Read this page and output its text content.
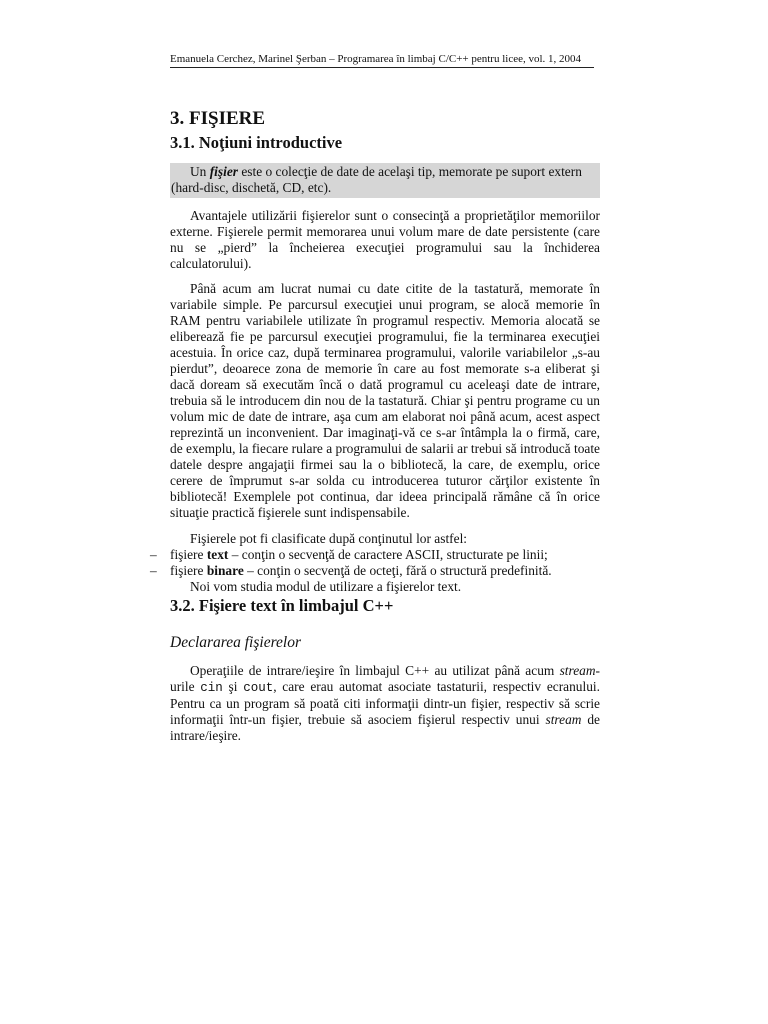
Emanuela Cerchez, Marinel Şerban – Programarea în limbaj C/C++ pentru licee, vol. 1, 2004
3. FIŞIERE
3.1. Noţiuni introductive

Un fişier este o colecţie de date de acelaşi tip, memorate pe suport extern (hard-disc, dischetă, CD, etc).

Avantajele utilizării fişierelor sunt o consecinţă a proprietăţilor memoriilor externe. Fişierele permit memorarea unui volum mare de date persistente (care nu se „pierd” la încheierea execuţiei programului sau la închiderea calculatorului).

Până acum am lucrat numai cu date citite de la tastatură, memorate în variabile simple. Pe parcursul execuţiei unui program, se alocă memorie în RAM pentru variabilele utilizate în programul respectiv. Memoria alocată se eliberează fie pe parcursul execuţiei programului, fie la terminarea execuţiei acestuia. În orice caz, după terminarea programului, valorile variabilelor „s-au pierdut”, deoarece zona de memorie în care au fost memorate s-a eliberat şi dacă doream să executăm încă o dată programul cu aceleaşi date de intrare, trebuia să le introducem din nou de la tastatură. Chiar şi pentru programe cu un volum mic de date de intrare, aşa cum am elaborat noi până acum, acest aspect reprezintă un inconvenient. Dar imaginaţi-vă ce s-ar întâmpla la o firmă, care, de exemplu, la fiecare rulare a programului de salarii ar trebui să introducă toate datele despre angajaţii firmei sau la o bibliotecă, la care, de exemplu, orice cerere de împrumut s-ar solda cu introducerea tuturor cărţilor existente în bibliotecă! Exemplele pot continua, dar ideea principală rămâne că în orice situaţie practică fişierele sunt indispensabile.

Fişierele pot fi clasificate după conţinutul lor astfel:

– fişiere text – conţin o secvenţă de caractere ASCII, structurate pe linii;
– fişiere binare – conţin o secvenţă de octeţi, fără o structură predefinită.

Noi vom studia modul de utilizare a fişierelor text.

3.2. Fişiere text în limbajul C++
Declararea fişierelor

Operaţiile de intrare/ieşire în limbajul C++ au utilizat până acum stream-urile cin şi cout, care erau automat asociate tastaturii, respectiv ecranului. Pentru ca un program să poată citi informaţii dintr-un fişier, respectiv să scrie informaţii într-un fişier, trebuie să asociem fişierul respectiv unui stream de intrare/ieşire.
